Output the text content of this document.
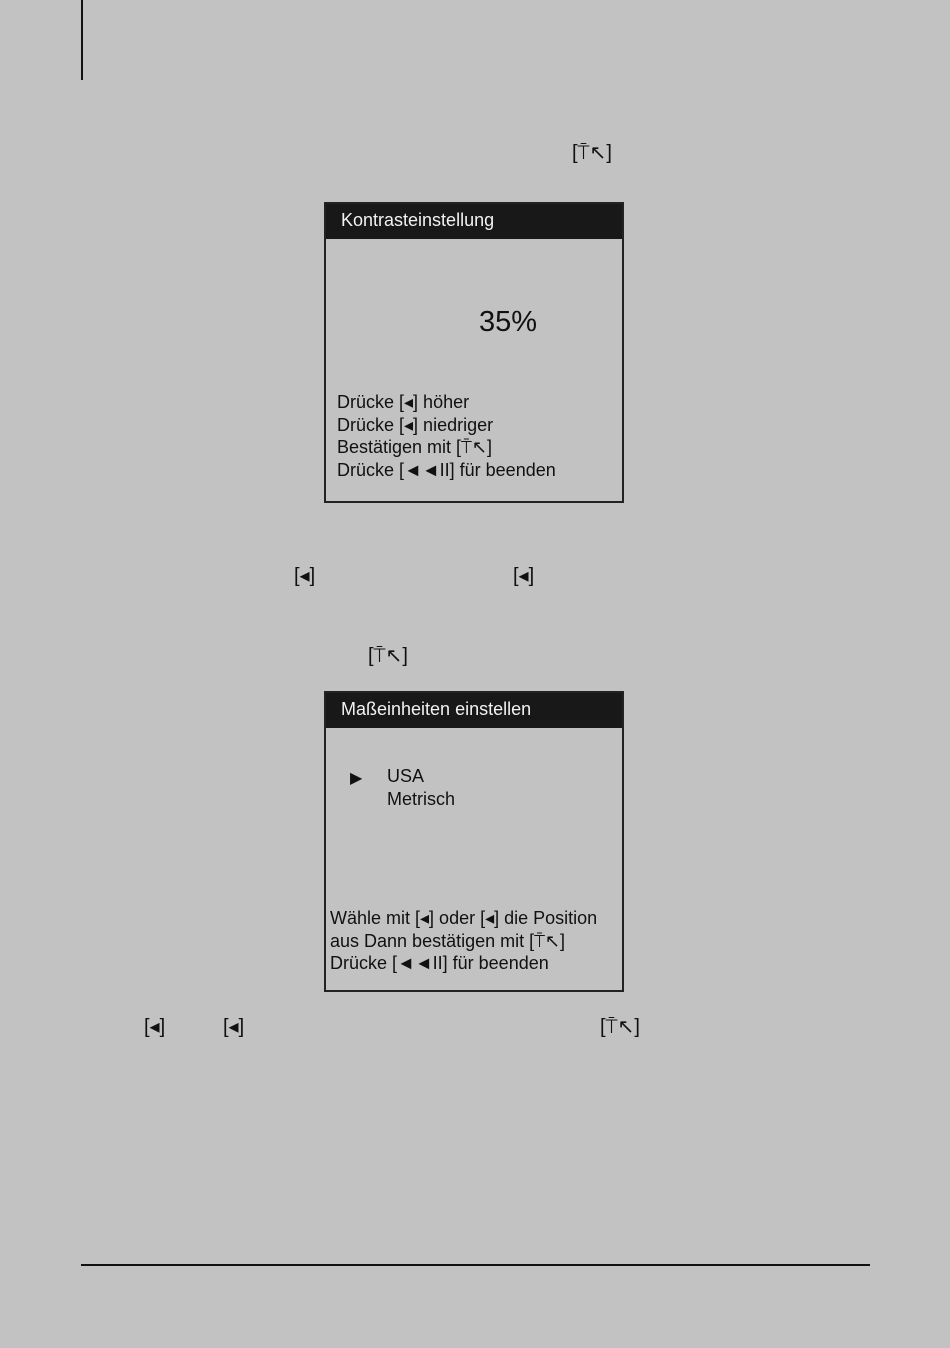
[⍑↖]
Kontrasteinstellung
35%
Drücke [◂] höher
Drücke [◂] niedriger
Bestätigen mit [⍑↖]
Drücke [◄◄II] für beenden
[◂]	[◂]
[⍑↖]
Maßeinheiten einstellen
▶ USA
Metrisch
Wähle mit [◂] oder [◂] die Position
aus Dann bestätigen mit [⍑↖]
Drücke [◄◄II] für beenden
[◂]	[◂]	[⍑↖]
